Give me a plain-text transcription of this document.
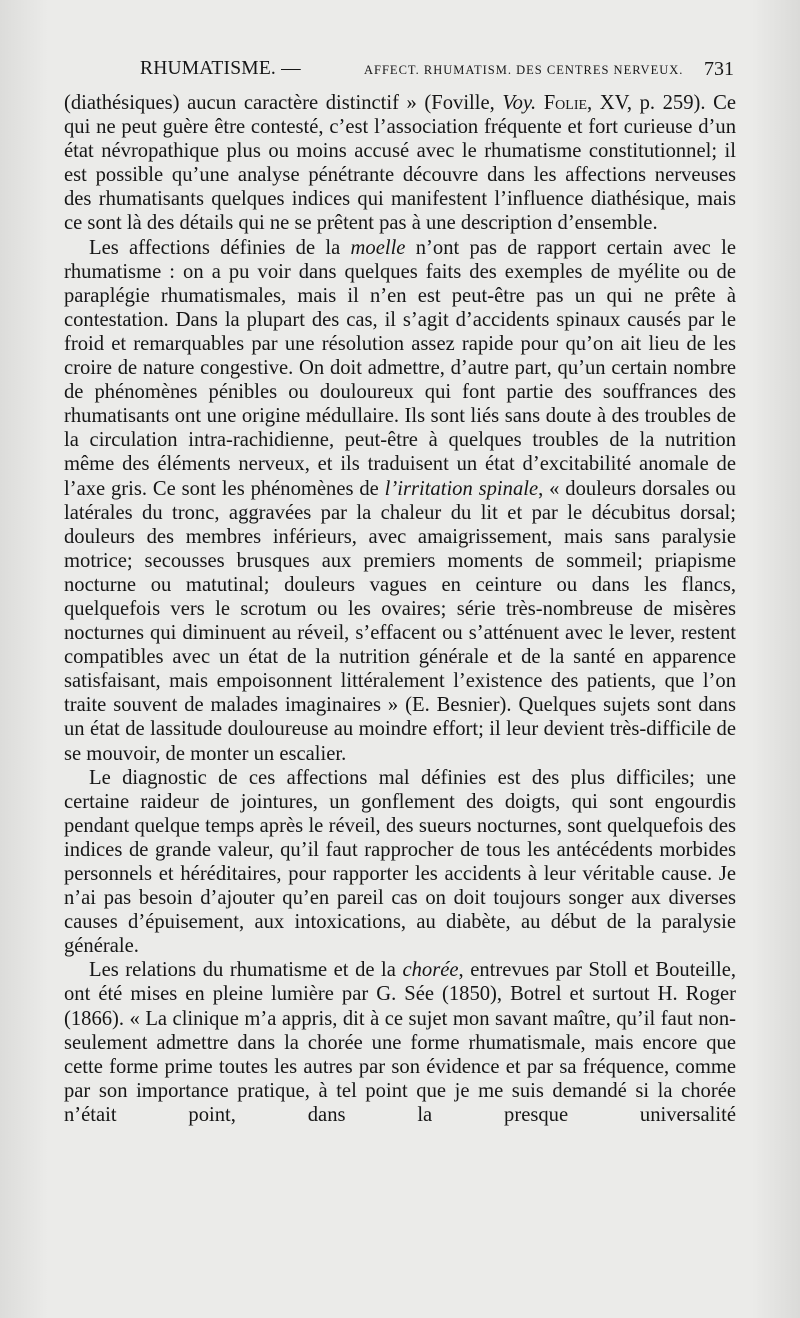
RHUMATISME. —	AFFECT. RHUMATISM. DES CENTRES NERVEUX. 731

(diathésiques) aucun caractère distinctif » (Foville, Voy. Folie, XV, p. 259). Ce qui ne peut guère être contesté, c’est l’association fréquente et fort curieuse d’un état névropathique plus ou moins accusé avec le rhumatisme constitutionnel; il est possible qu’une analyse pénétrante découvre dans les affections nerveuses des rhumatisants quelques indices qui manifestent l’influence diathésique, mais ce sont là des détails qui ne se prêtent pas à une description d’ensemble.

Les affections définies de la moelle n’ont pas de rapport certain avec le rhumatisme : on a pu voir dans quelques faits des exemples de myélite ou de paraplégie rhumatismales, mais il n’en est peut-être pas un qui ne prête à contestation. Dans la plupart des cas, il s’agit d’accidents spinaux causés par le froid et remarquables par une résolution assez rapide pour qu’on ait lieu de les croire de nature congestive. On doit admettre, d’autre part, qu’un certain nombre de phénomènes pénibles ou douloureux qui font partie des souffrances des rhumatisants ont une origine médullaire. Ils sont liés sans doute à des troubles de la circulation intra-rachidienne, peut-être à quelques troubles de la nutrition même des éléments nerveux, et ils traduisent un état d’excitabilité anomale de l’axe gris. Ce sont les phénomènes de l’irritation spinale, « douleurs dorsales ou latérales du tronc, aggravées par la chaleur du lit et par le décubitus dorsal; douleurs des membres inférieurs, avec amaigrissement, mais sans paralysie motrice; secousses brusques aux premiers moments de sommeil; priapisme nocturne ou matutinal; douleurs vagues en ceinture ou dans les flancs, quelquefois vers le scrotum ou les ovaires; série très-nombreuse de misères nocturnes qui diminuent au réveil, s’effacent ou s’atténuent avec le lever, restent compatibles avec un état de la nutrition générale et de la santé en apparence satisfaisant, mais empoisonnent littéralement l’existence des patients, que l’on traite souvent de malades imaginaires » (E. Besnier). Quelques sujets sont dans un état de lassitude douloureuse au moindre effort; il leur devient très-difficile de se mouvoir, de monter un escalier.

Le diagnostic de ces affections mal définies est des plus difficiles; une certaine raideur de jointures, un gonflement des doigts, qui sont engourdis pendant quelque temps après le réveil, des sueurs nocturnes, sont quelquefois des indices de grande valeur, qu’il faut rapprocher de tous les antécédents morbides personnels et héréditaires, pour rapporter les accidents à leur véritable cause. Je n’ai pas besoin d’ajouter qu’en pareil cas on doit toujours songer aux diverses causes d’épuisement, aux intoxications, au diabète, au début de la paralysie générale.

Les relations du rhumatisme et de la chorée, entrevues par Stoll et Bouteille, ont été mises en pleine lumière par G. Sée (1850), Botrel et surtout H. Roger (1866). « La clinique m’a appris, dit à ce sujet mon savant maître, qu’il faut non-seulement admettre dans la chorée une forme rhumatismale, mais encore que cette forme prime toutes les autres par son évidence et par sa fréquence, comme par son importance pratique, à tel point que je me suis demandé si la chorée n’était point, dans la presque universalité
